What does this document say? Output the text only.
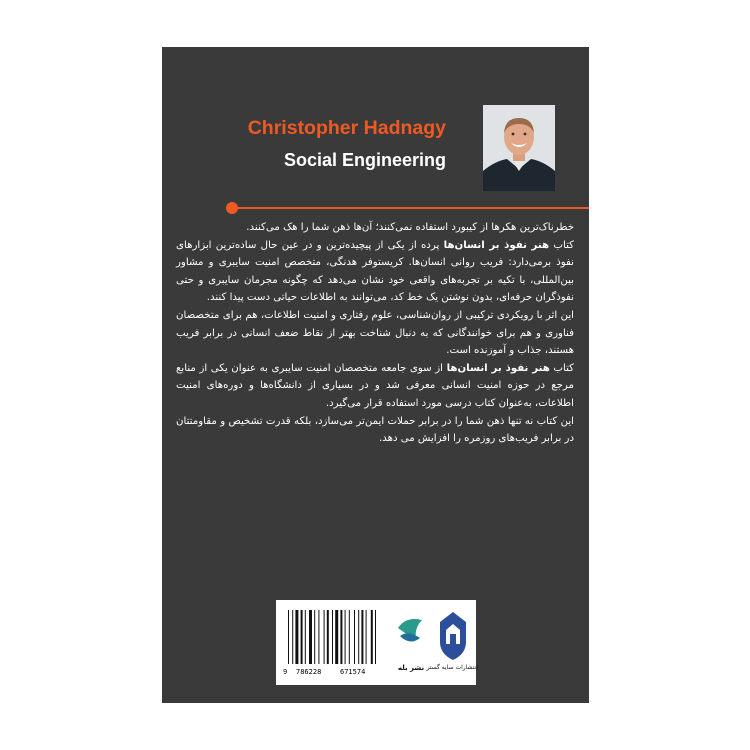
Christopher Hadnagy
Social Engineering

خطرناک‌ترین هکرها از کیبورد استفاده نمی‌کنند؛ آن‌ها ذهن شما را هک می‌کنند.

کتاب هنر نفوذ بر انسان‌ها پرده از یکی از پیچیده‌ترین و در عین حال ساده‌ترین ابزارهای نفوذ برمی‌دارد: فریب روانی انسان‌ها. کریستوفر هدنگی، متخصص امنیت سایبری و مشاور بین‌المللی، با تکیه بر تجربه‌های واقعی خود نشان می‌دهد که چگونه مجرمان سایبری و حتی نفوذگران حرفه‌ای، بدون نوشتن یک خط کد، می‌توانند به اطلاعات حیاتی دست پیدا کنند.

این اثر با رویکردی ترکیبی از روان‌شناسی، علوم رفتاری و امنیت اطلاعات، هم برای متخصصان فناوری و هم برای خوانندگانی که به دنبال شناخت بهتر از نقاط ضعف انسانی در برابر فریب هستند، جذاب و آموزنده است.

کتاب هنر نفوذ بر انسان‌ها از سوی جامعه متخصصان امنیت سایبری به عنوان یکی از منابع مرجع در حوزه امنیت انسانی معرفی شد و در بسیاری از دانشگاه‌ها و دوره‌های امنیت اطلاعات، به‌عنوان کتاب درسی مورد استفاده قرار می‌گیرد.

این کتاب نه تنها ذهن شما را در برابر حملات ایمن‌تر می‌سازد، بلکه قدرت تشخیص و مقاومتتان در برابر فریب‌های روزمره را افزایش می دهد.

9 786228	671574	نشر بله انتشارات سایه گستر
